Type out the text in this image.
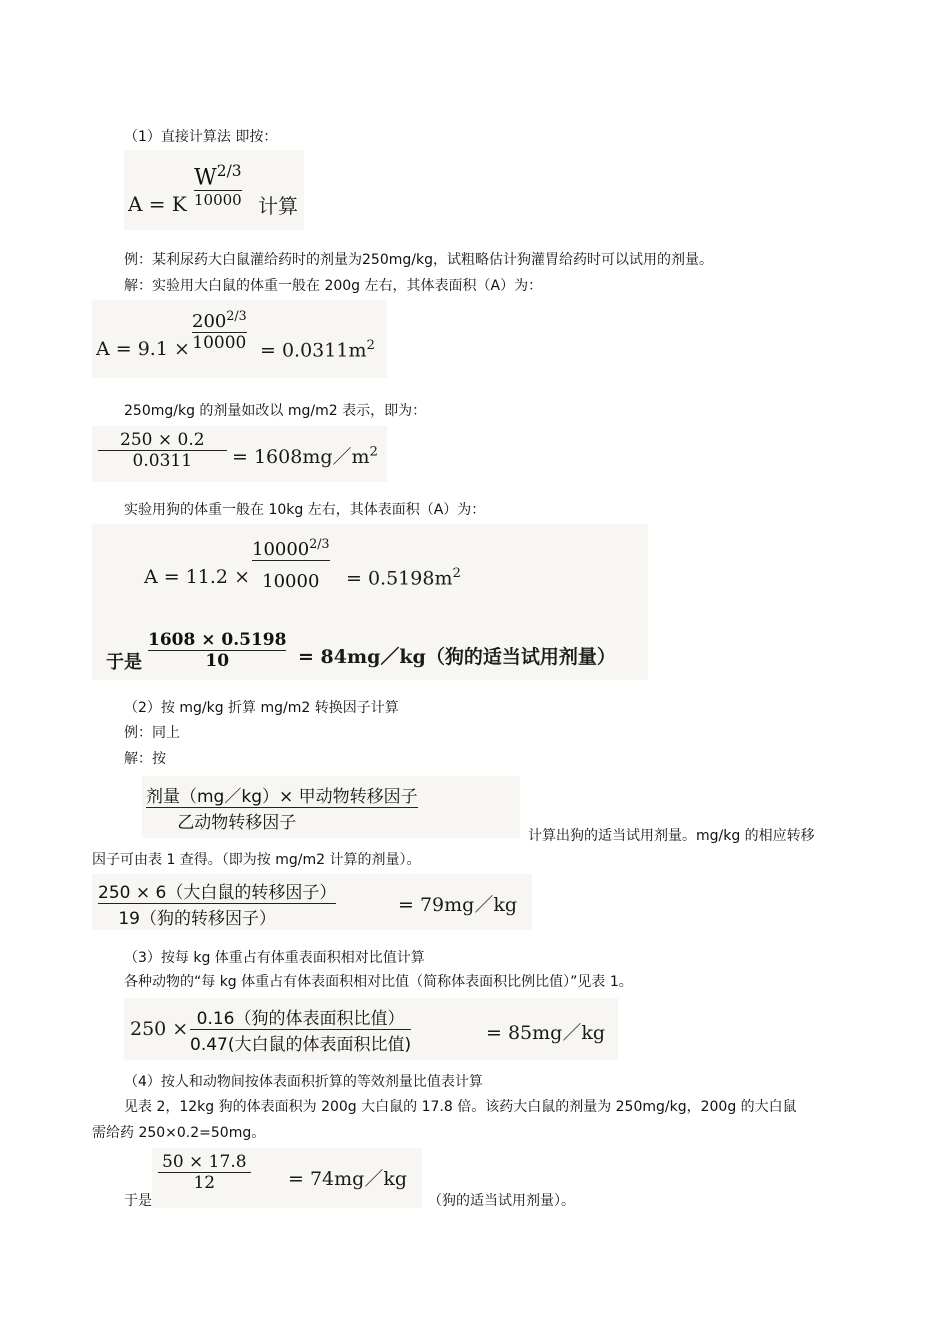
（1）直接计算法 即按：
A = K
$W^{2/3}$
10000 计算
例：某利尿药大白鼠灌给药时的剂量为250mg/kg，试粗略估计狗灌胃给药时可以试用的剂量。
解：实验用大白鼠的体重一般在 200g 左右，其体表面积（A）为：
A = 9.1 ×
$200^{2/3}$
$10000 = 0.0311m^2$
250mg/kg 的剂量如改以 mg/m2 表示，即为：
250 × 0.2
$0.0311 = 1608mg/m^2$
实验用狗的体重一般在 10kg 左右，其体表面积（A）为：
A = 11.2 ×
$10000^{2/3}$
$10000 = 0.5198m^2$
于是
1608 × 0.5198
10	= 84mg／kg（狗的适当试用剂量）
（2）按 mg/kg 折算 mg/m2 转换因子计算
例：同上
解：按
剂量（mg／kg）× 甲动物转移因子
乙动物转移因子
计算出狗的适当试用剂量。mg/kg 的相应转移
因子可由表 1 查得。（即为按 mg/m2 计算的剂量）。
250 × 6（大白鼠的转移因子）
19（狗的转移因子）
= 79mg／kg
（3）按每 kg 体重占有体重表面积相对比值计算
各种动物的“每 kg 体重占有体表面积相对比值（简称体表面积比例比值）”见表 1。
250 × 0.16（狗的体表面积比值）
0.47(大白鼠的体表面积比值)
= 85mg／kg
（4）按人和动物间按体表面积折算的等效剂量比值表计算
见表 2，12kg 狗的体表面积为 200g 大白鼠的 17.8 倍。该药大白鼠的剂量为 250mg/kg，200g 的大白鼠
需给药 250×0.2=50mg。
于是
50 × 17.8
12	= 74mg／kg
（狗的适当试用剂量）。
